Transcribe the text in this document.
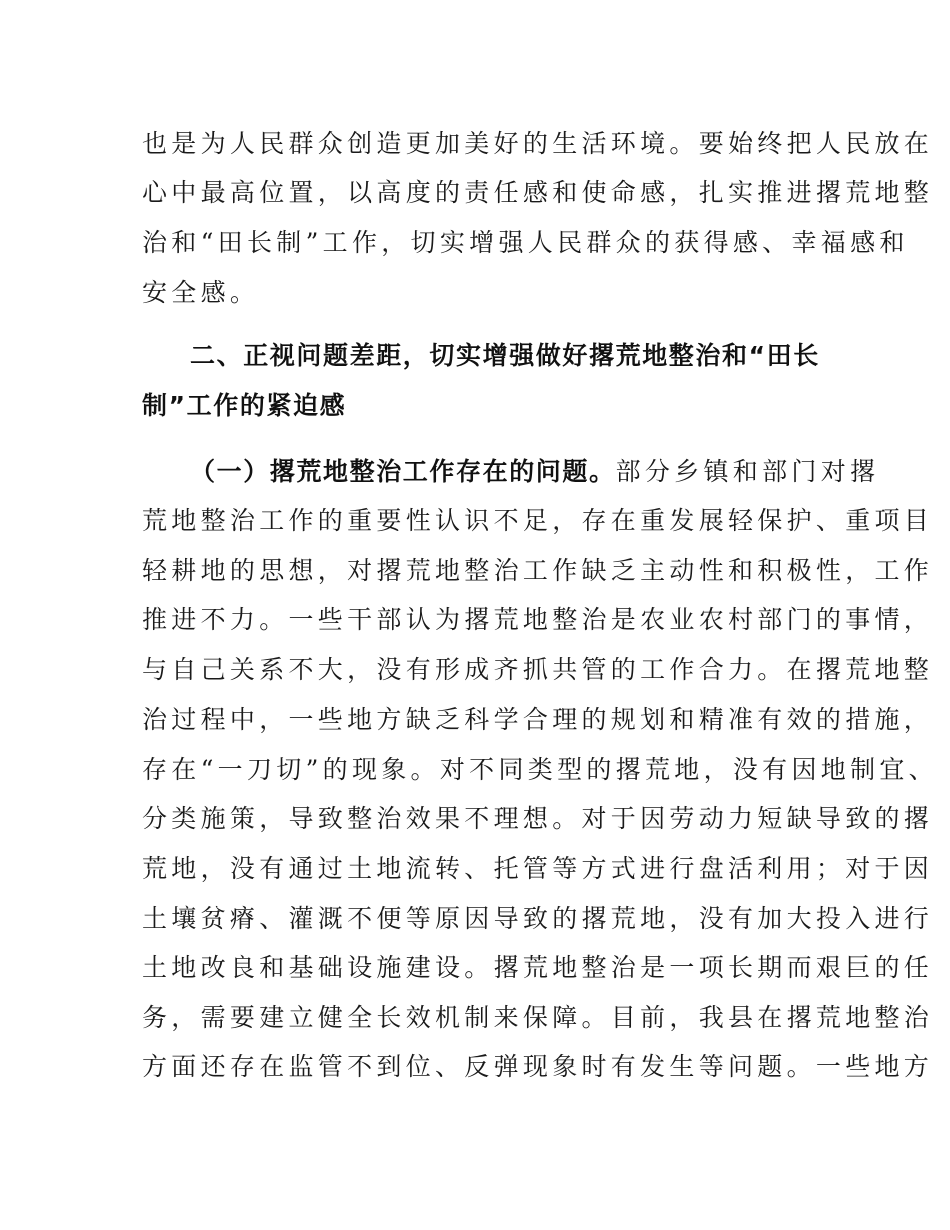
也是为人民群众创造更加美好的生活环境。要始终把人民放在
心中最高位置，以高度的责任感和使命感，扎实推进撂荒地整
治和“田长制”工作，切实增强人民群众的获得感、幸福感和
安全感。
二、正视问题差距，切实增强做好撂荒地整治和“田长
制”工作的紧迫感
（一）撂荒地整治工作存在的问题。部分乡镇和部门对撂
荒地整治工作的重要性认识不足，存在重发展轻保护、重项目
轻耕地的思想，对撂荒地整治工作缺乏主动性和积极性，工作
推进不力。一些干部认为撂荒地整治是农业农村部门的事情，
与自己关系不大，没有形成齐抓共管的工作合力。在撂荒地整
治过程中，一些地方缺乏科学合理的规划和精准有效的措施，
存在“一刀切”的现象。对不同类型的撂荒地，没有因地制宜、
分类施策，导致整治效果不理想。对于因劳动力短缺导致的撂
荒地，没有通过土地流转、托管等方式进行盘活利用；对于因
土壤贫瘠、灌溉不便等原因导致的撂荒地，没有加大投入进行
土地改良和基础设施建设。撂荒地整治是一项长期而艰巨的任
务，需要建立健全长效机制来保障。目前，我县在撂荒地整治
方面还存在监管不到位、反弹现象时有发生等问题。一些地方
